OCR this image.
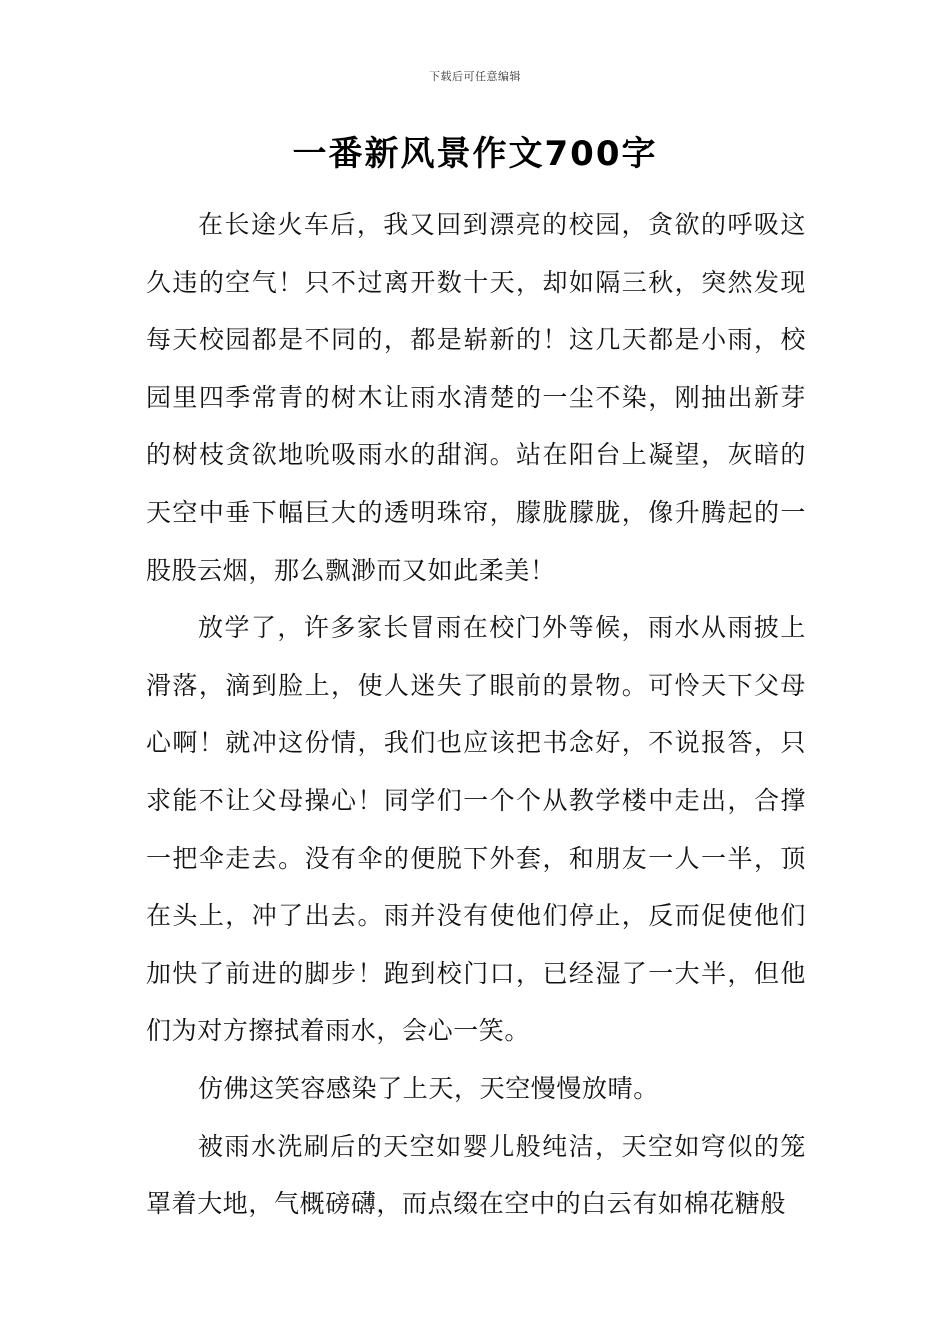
下载后可任意编辑
一番新风景作文700字

在长途火车后，我又回到漂亮的校园，贪欲的呼吸这久违的空气！只不过离开数十天，却如隔三秋，突然发现每天校园都是不同的，都是崭新的！这几天都是小雨，校园里四季常青的树木让雨水清楚的一尘不染，刚抽出新芽的树枝贪欲地吮吸雨水的甜润。站在阳台上凝望，灰暗的天空中垂下幅巨大的透明珠帘，朦胧朦胧，像升腾起的一股股云烟，那么飘渺而又如此柔美！

放学了，许多家长冒雨在校门外等候，雨水从雨披上滑落，滴到脸上，使人迷失了眼前的景物。可怜天下父母心啊！就冲这份情，我们也应该把书念好，不说报答，只求能不让父母操心！同学们一个个从教学楼中走出，合撑一把伞走去。没有伞的便脱下外套，和朋友一人一半，顶在头上，冲了出去。雨并没有使他们停止，反而促使他们加快了前进的脚步！跑到校门口，已经湿了一大半，但他们为对方擦拭着雨水，会心一笑。

仿佛这笑容感染了上天，天空慢慢放晴。

被雨水洗刷后的天空如婴儿般纯洁，天空如穹似的笼罩着大地，气概磅礴，而点缀在空中的白云有如棉花糖般
